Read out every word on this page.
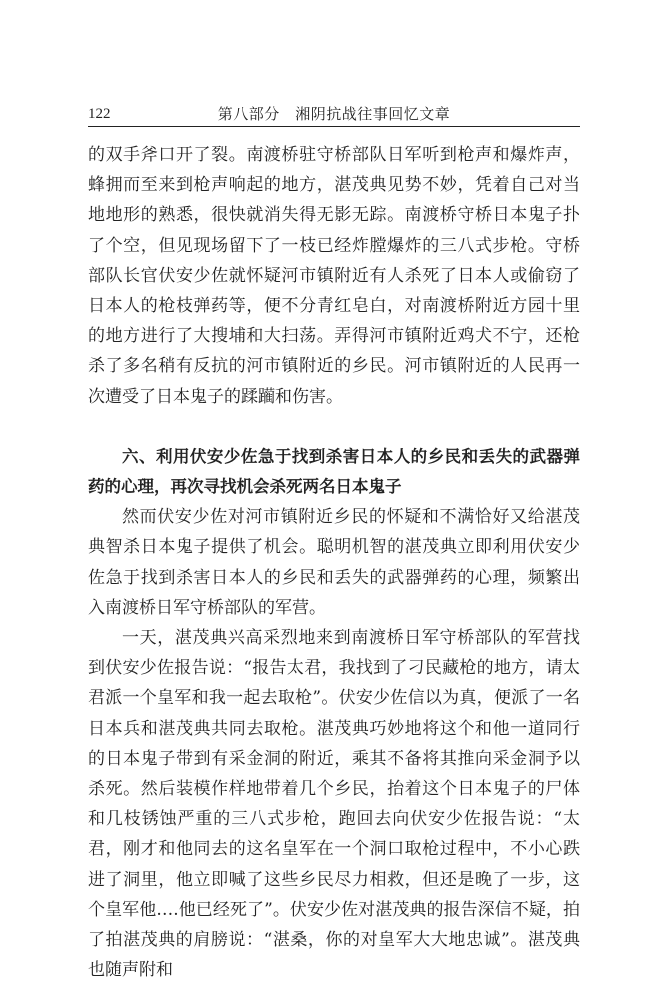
122	第八部分　湘阴抗战往事回忆文章

的双手斧口开了裂。南渡桥驻守桥部队日军听到枪声和爆炸声，蜂拥而至来到枪声响起的地方，湛茂典见势不妙，凭着自己对当地地形的熟悉，很快就消失得无影无踪。南渡桥守桥日本鬼子扑了个空，但见现场留下了一枝已经炸膛爆炸的三八式步枪。守桥部队长官伏安少佐就怀疑河市镇附近有人杀死了日本人或偷窃了日本人的枪枝弹药等，便不分青红皂白，对南渡桥附近方园十里的地方进行了大搜埔和大扫荡。弄得河市镇附近鸡犬不宁，还枪杀了多名稍有反抗的河市镇附近的乡民。河市镇附近的人民再一次遭受了日本鬼子的蹂躏和伤害。

六、利用伏安少佐急于找到杀害日本人的乡民和丢失的武器弹药的心理，再次寻找机会杀死两名日本鬼子

然而伏安少佐对河市镇附近乡民的怀疑和不满恰好又给湛茂典智杀日本鬼子提供了机会。聪明机智的湛茂典立即利用伏安少佐急于找到杀害日本人的乡民和丢失的武器弹药的心理，频繁出入南渡桥日军守桥部队的军营。

一天，湛茂典兴高采烈地来到南渡桥日军守桥部队的军营找到伏安少佐报告说：“报告太君，我找到了刁民藏枪的地方，请太君派一个皇军和我一起去取枪”。伏安少佐信以为真，便派了一名日本兵和湛茂典共同去取枪。湛茂典巧妙地将这个和他一道同行的日本鬼子带到有采金洞的附近，乘其不备将其推向采金洞予以杀死。然后装模作样地带着几个乡民，抬着这个日本鬼子的尸体和几枝锈蚀严重的三八式步枪，跑回去向伏安少佐报告说：“太君，刚才和他同去的这名皇军在一个洞口取枪过程中，不小心跌进了洞里，他立即喊了这些乡民尽力相救，但还是晚了一步，这个皇军他….他已经死了”。伏安少佐对湛茂典的报告深信不疑，拍了拍湛茂典的肩膀说：“湛桑，你的对皇军大大地忠诚”。湛茂典也随声附和
